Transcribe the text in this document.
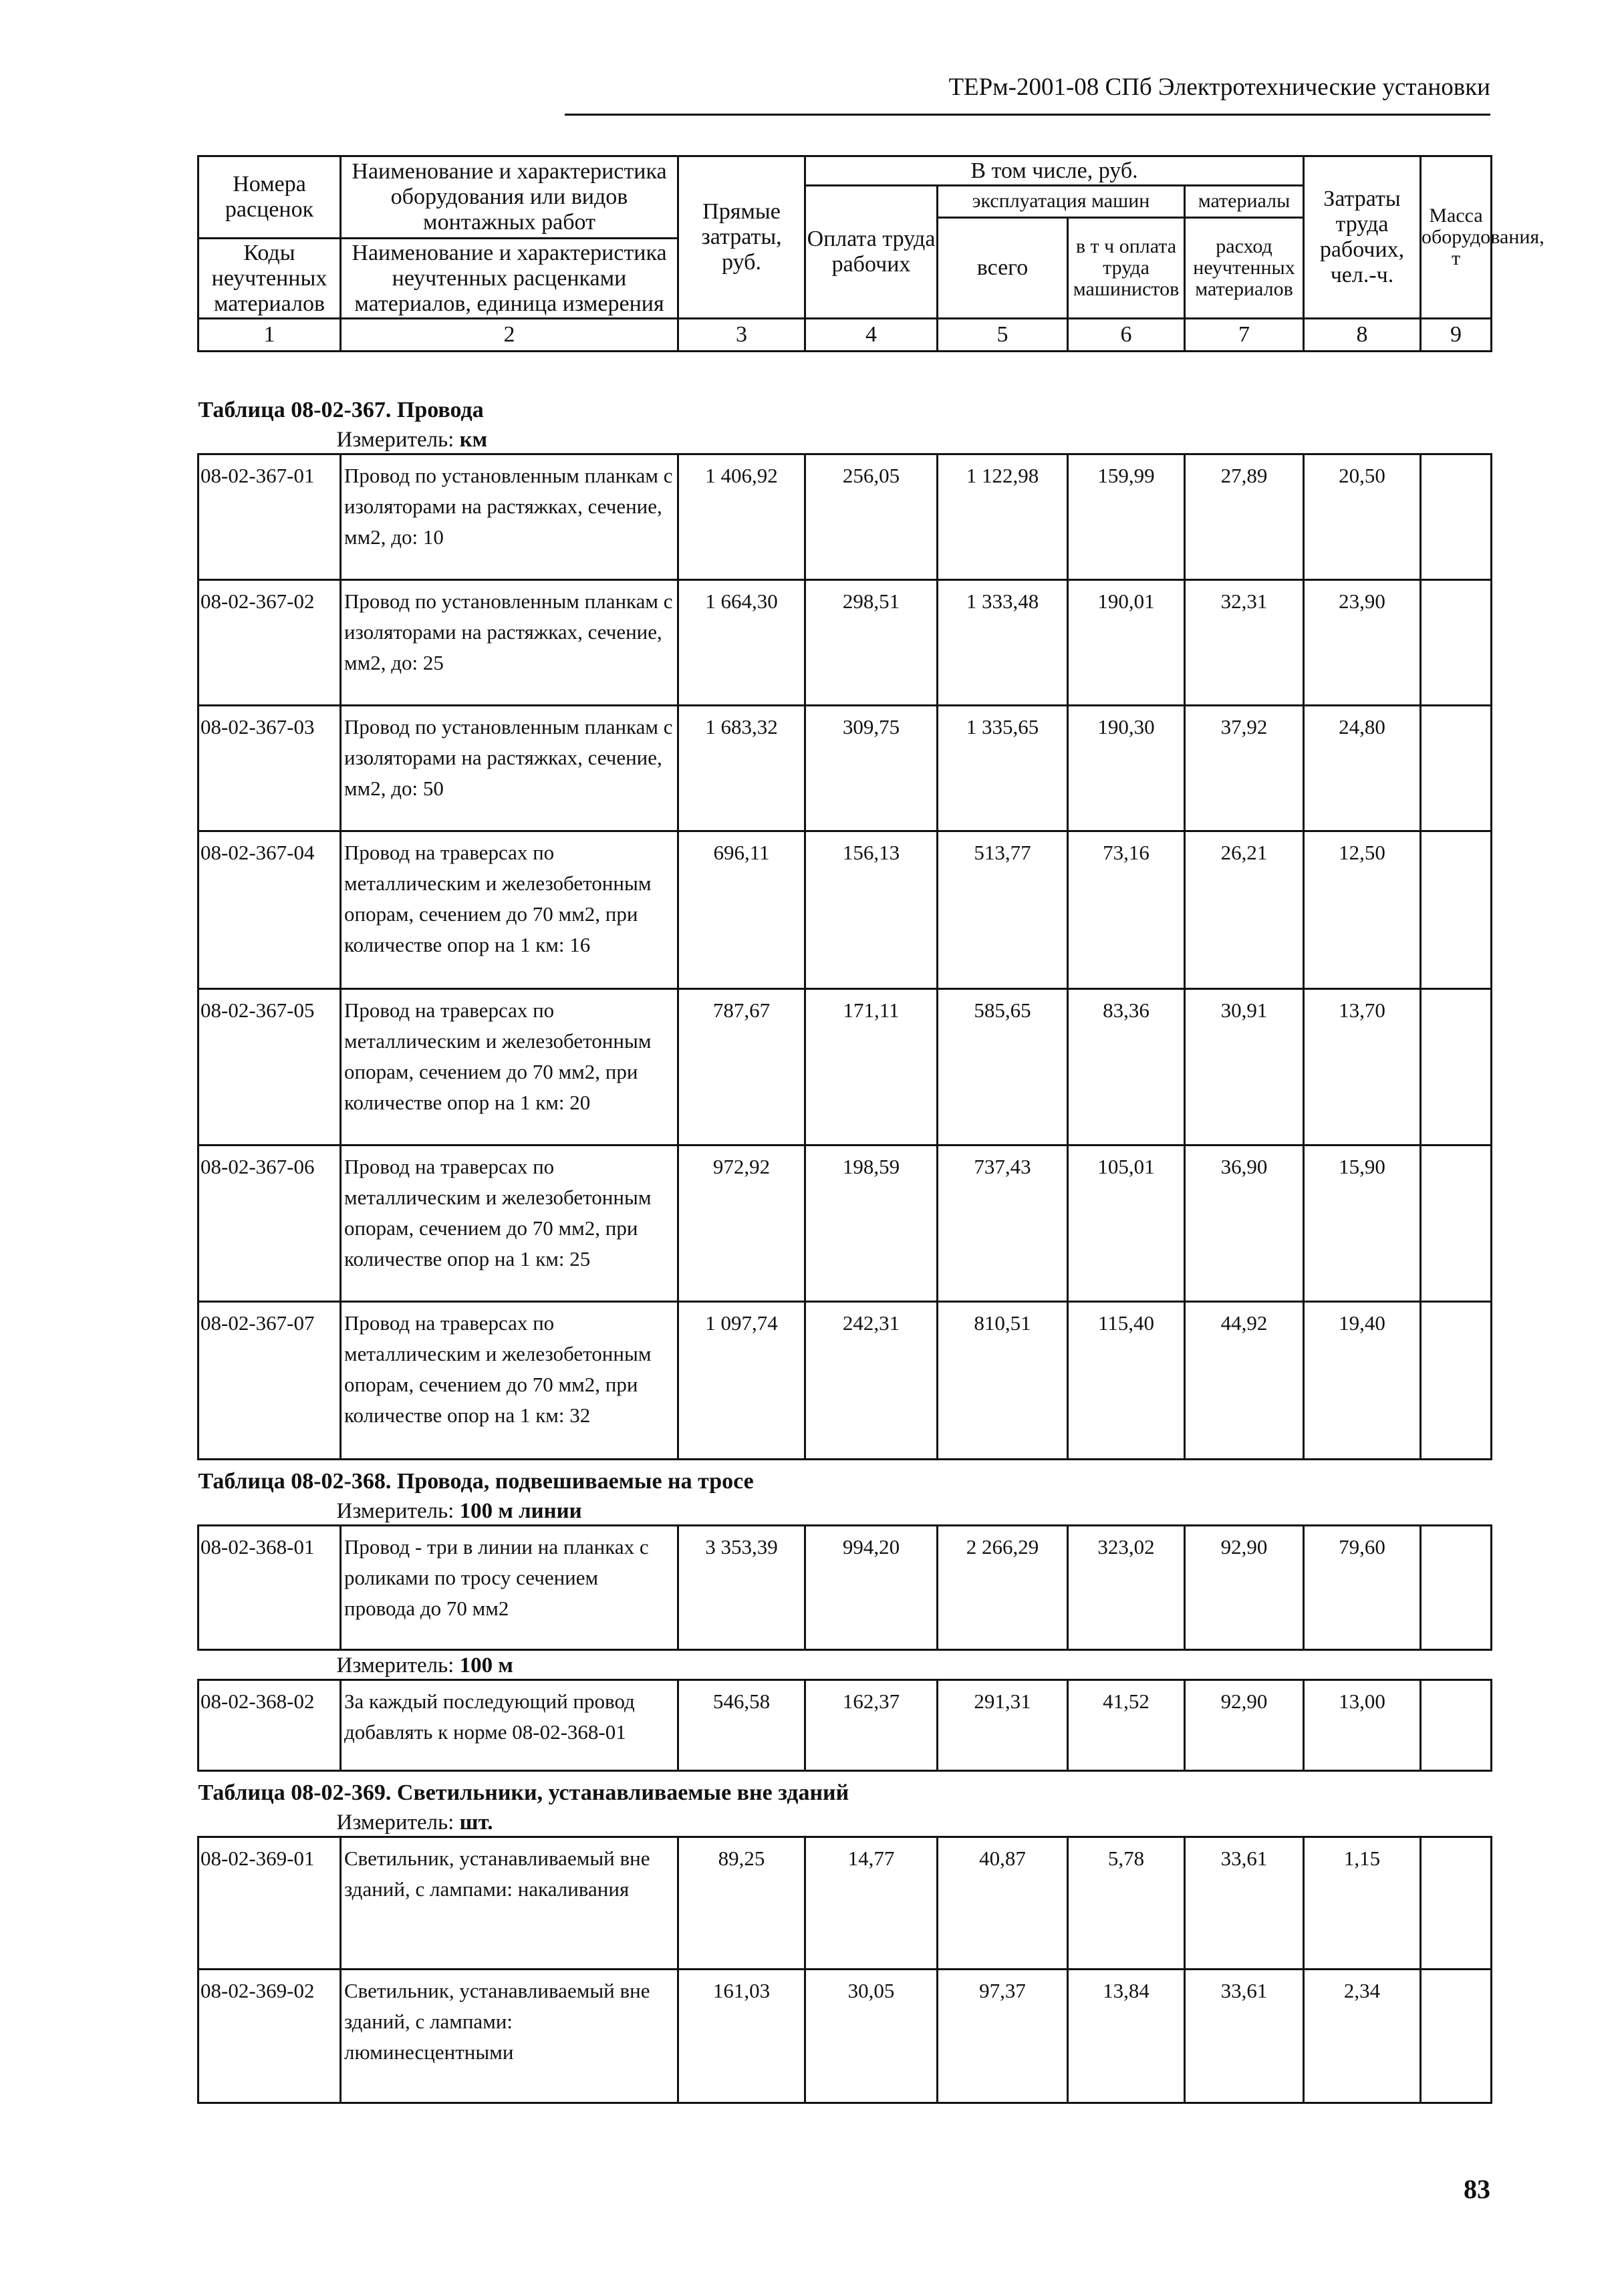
ТЕРм-2001-08 СПб Электротехнические установки
Номера расценок	Наименование и характеристика оборудования или видов монтажных работ	Прямые затраты, руб.	В том числе, руб.				Затраты труда рабочих, чел.-ч.	Масса оборудования, т
			Оплата труда рабочих	эксплуатация машин		материалы		
				всего	в т ч оплата труда машинистов	расход неучтенных материалов		
Коды неучтенных материалов	Наименование и характеристика неучтенных расценками материалов, единица измерения							

1	2	3	4	5	6	7	8	9
Таблица 08-02-367. Провода								
Измеритель: км								
08-02-367-01	Провод по установленным планкам с изоляторами на растяжках, сечение, мм2, до: 10	1 406,92	256,05	1 122,98	159,99	27,89	20,50	
08-02-367-02	Провод по установленным планкам с изоляторами на растяжках, сечение, мм2, до: 25	1 664,30	298,51	1 333,48	190,01	32,31	23,90	
08-02-367-03	Провод по установленным планкам с изоляторами на растяжках, сечение, мм2, до: 50	1 683,32	309,75	1 335,65	190,30	37,92	24,80	
08-02-367-04	Провод на траверсах по металлическим и железобетонным опорам, сечением до 70 мм2, при количестве опор на 1 км: 16	696,11	156,13	513,77	73,16	26,21	12,50	
08-02-367-05	Провод на траверсах по металлическим и железобетонным опорам, сечением до 70 мм2, при количестве опор на 1 км: 20	787,67	171,11	585,65	83,36	30,91	13,70	
08-02-367-06	Провод на траверсах по металлическим и железобетонным опорам, сечением до 70 мм2, при количестве опор на 1 км: 25	972,92	198,59	737,43	105,01	36,90	15,90	
08-02-367-07	Провод на траверсах по металлическим и железобетонным опорам, сечением до 70 мм2, при количестве опор на 1 км: 32	1 097,74	242,31	810,51	115,40	44,92	19,40	
Таблица 08-02-368. Провода, подвешиваемые на тросе								
Измеритель: 100 м линии								
08-02-368-01	Провод - три в линии на планках с роликами по тросу сечением провода до 70 мм2	3 353,39	994,20	2 266,29	323,02	92,90	79,60	
Измеритель: 100 м								
08-02-368-02	За каждый последующий провод добавлять к норме 08-02-368-01	546,58	162,37	291,31	41,52	92,90	13,00	
Таблица 08-02-369. Светильники, устанавливаемые вне зданий								
Измеритель: шт.								
08-02-369-01	Светильник, устанавливаемый вне зданий, с лампами: накаливания	89,25	14,77	40,87	5,78	33,61	1,15	
08-02-369-02	Светильник, устанавливаемый вне зданий, с лампами: люминесцентными	161,03	30,05	97,37	13,84	33,61	2,34	
83
